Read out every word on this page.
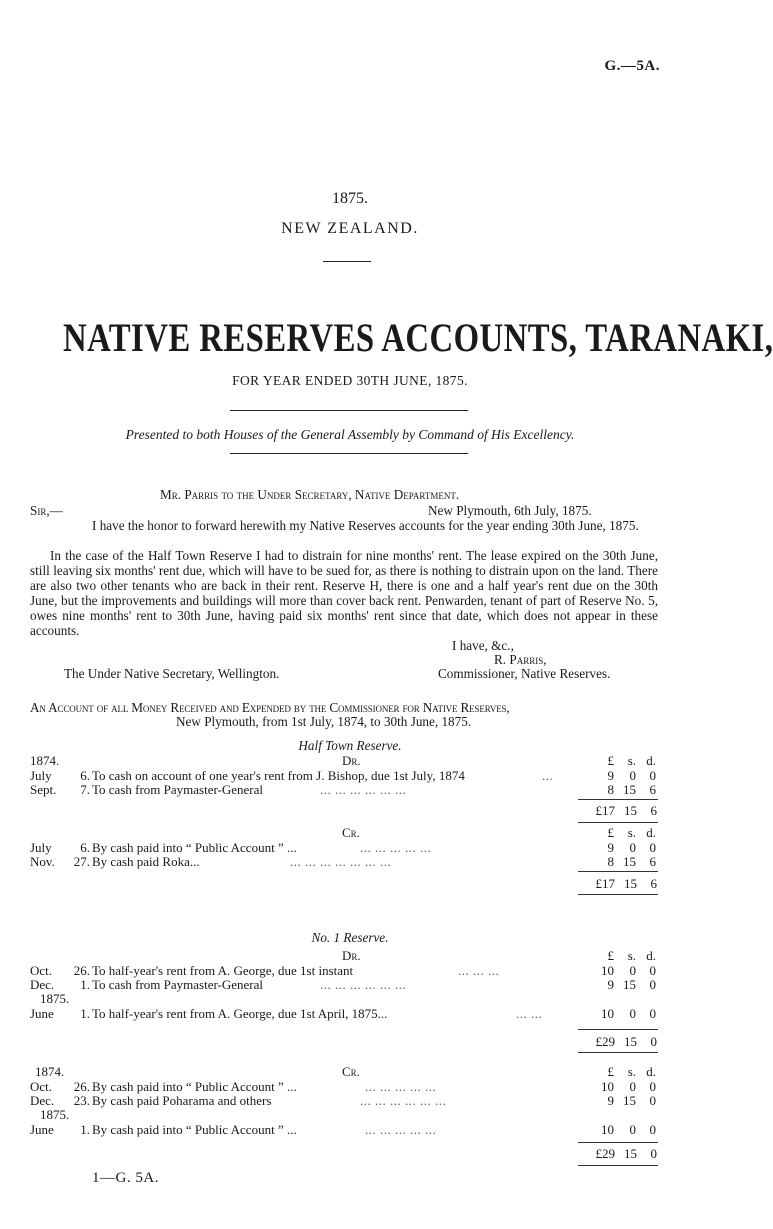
G.—5A.
1875.
NEW ZEALAND.
NATIVE RESERVES ACCOUNTS, TARANAKI,
FOR YEAR ENDED 30TH JUNE, 1875.
Presented to both Houses of the General Assembly by Command of His Excellency.
Mr. Parris to the Under Secretary, Native Department.
Sir,—	New Plymouth, 6th July, 1875.
I have the honor to forward herewith my Native Reserves accounts for the year ending 30th June, 1875.
In the case of the Half Town Reserve I had to distrain for nine months' rent. The lease expired on the 30th June, still leaving six months' rent due, which will have to be sued for, as there is nothing to distrain upon on the land. There are also two other tenants who are back in their rent. Reserve H, there is one and a half year's rent due on the 30th June, but the improvements and buildings will more than cover back rent. Penwarden, tenant of part of Reserve No. 5, owes nine months' rent to 30th June, having paid six months' rent since that date, which does not appear in these accounts.
I have, &c.,
R. Parris,
The Under Native Secretary, Wellington.	Commissioner, Native Reserves.
An Account of all Money Received and Expended by the Commissioner for Native Reserves,
New Plymouth, from 1st July, 1874, to 30th June, 1875.
Half Town Reserve.
1874.	Dr.	£	s. d.
July	6. To cash on account of one year's rent from J. Bishop, due 1st July, 1874	...	9	0	0
Sept.	7. To cash from Paymaster-General	... ... ... ... ... ...	8 15	6
£17 15	6
Cr.	£	s. d.
July	6. By cash paid into “ Public Account ” ...	... ... ... ... ...	9	0	0
Nov.	27. By cash paid Roka...	... ... ... ... ... ... ...	8 15	6
£17 15	6
No. 1 Reserve.
Dr.	£	s. d.
Oct.	26. To half-year's rent from A. George, due 1st instant	... ... ...	10	0	0
Dec.	1. To cash from Paymaster-General	... ... ... ... ... ...	9 15	0
1875.
June	1. To half-year's rent from A. George, due 1st April, 1875...	... ...	10	0	0
£29 15	0
1874.	Cr.	£	s. d.
Oct.	26. By cash paid into “ Public Account ” ...	... ... ... ... ...	10	0	0
Dec.	23. By cash paid Poharama and others	... ... ... ... ... ...	9 15	0
1875.
June	1. By cash paid into “ Public Account ” ...	... ... ... ... ...	10	0	0
£29 15	0
1—G. 5A.
